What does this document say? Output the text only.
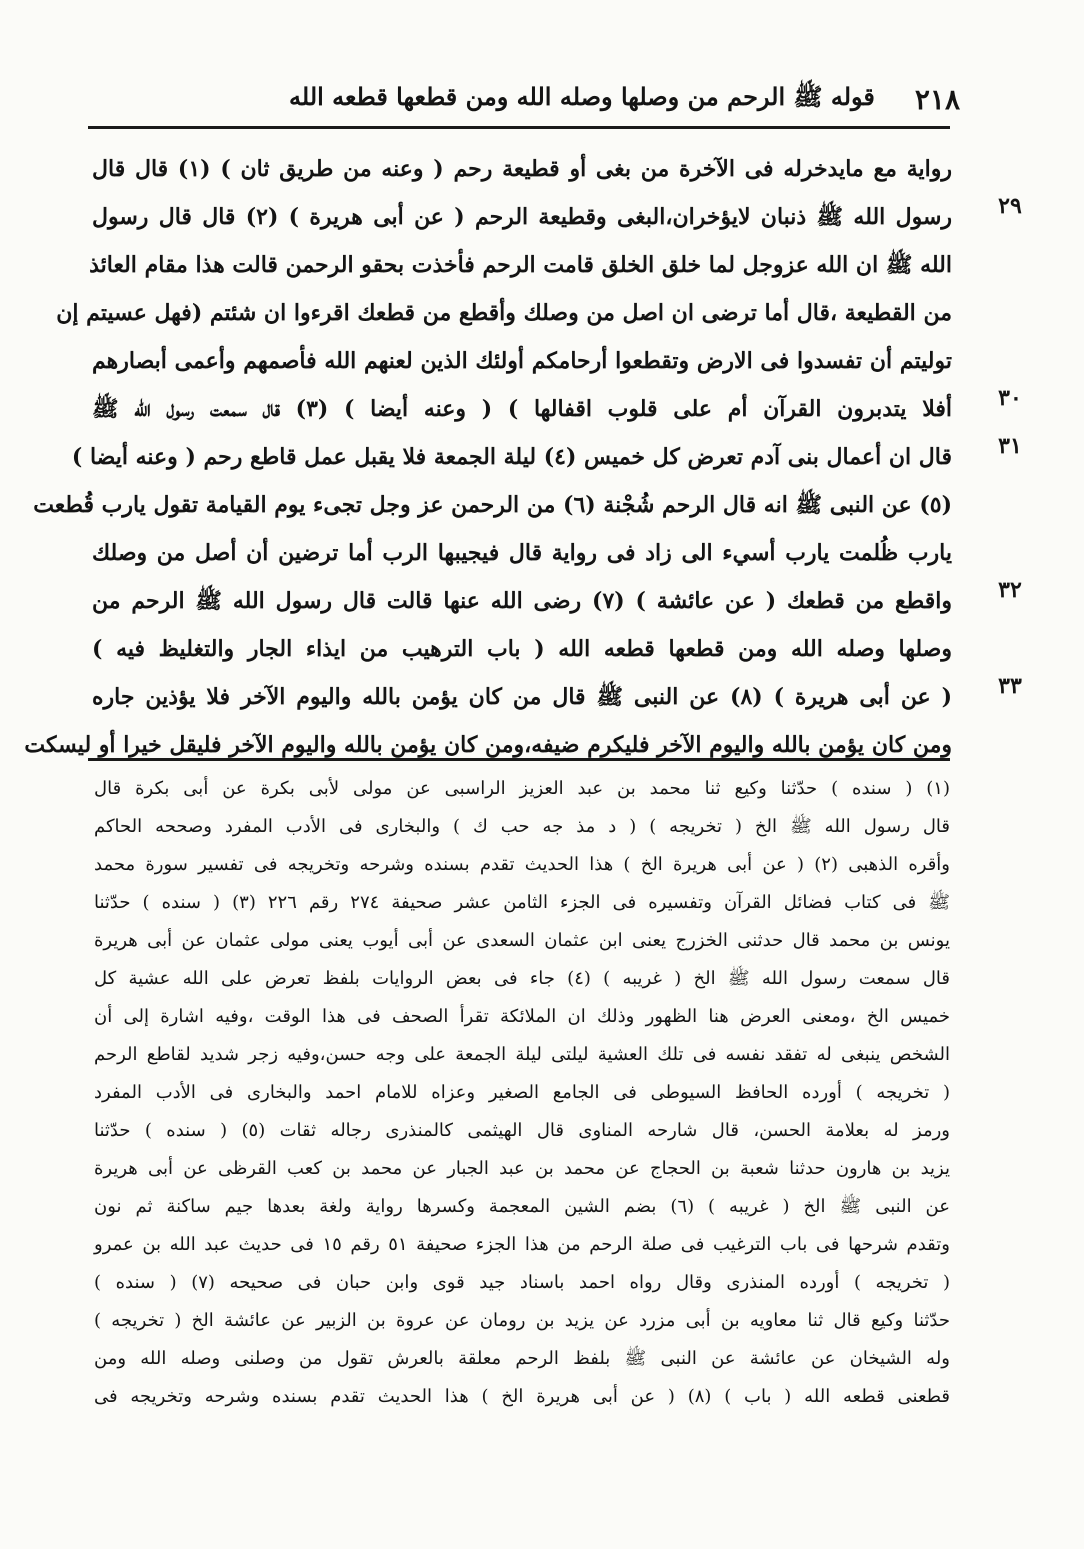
٢١٨
قوله ﷺ الرحم من وصلها وصله الله ومن قطعها قطعه الله
رواية مع مايدخرله فى الآخرة من بغى أو قطيعة رحم ( وعنه من طريق ثان ) (١) قال قال
٢٩
رسول الله ﷺ ذنبان لايؤخران،البغى وقطيعة الرحم ( عن أبى هريرة ) (٢) قال قال رسول
الله ﷺ ان الله عزوجل لما خلق الخلق قامت الرحم فأخذت بحقو الرحمن قالت هذا مقام العائذ
من القطيعة ،قال أما ترضى ان اصل من وصلك وأقطع من قطعك اقرءوا ان شئتم (فهل عسيتم إن
توليتم أن تفسدوا فى الارض وتقطعوا أرحامكم أولئك الذين لعنهم الله فأصمهم وأعمى أبصارهم
٣٠
أفلا يتدبرون القرآن أم على قلوب اقفالها ) ( وعنه أيضا ) (٣) قال سمعت رسول الله ﷺ
٣١
قال ان أعمال بنى آدم تعرض كل خميس (٤) ليلة الجمعة فلا يقبل عمل قاطع رحم ( وعنه أيضا )
(٥) عن النبى ﷺ انه قال الرحم شُجْنة (٦) من الرحمن عز وجل تجىء يوم القيامة تقول يارب قُطعت
يارب ظُلمت يارب أسيء الى زاد فى رواية قال فيجيبها الرب أما ترضين أن أصل من وصلك
٣٢
واقطع من قطعك ( عن عائشة ) (٧) رضى الله عنها قالت قال رسول الله ﷺ الرحم من
وصلها وصله الله ومن قطعها قطعه الله ( باب الترهيب من ايذاء الجار والتغليظ فيه )
٣٣
( عن أبى هريرة ) (٨) عن النبى ﷺ قال من كان يؤمن بالله واليوم الآخر فلا يؤذين جاره
ومن كان يؤمن بالله واليوم الآخر فليكرم ضيفه،ومن كان يؤمن بالله واليوم الآخر فليقل خيرا أو ليسكت
(١) ( سنده ) حدّثنا وكيع ثنا محمد بن عبد العزيز الراسبى عن مولى لأبى بكرة عن أبى بكرة قال
قال رسول الله ﷺ الخ ( تخريجه ) ( د مذ جه حب ك ) والبخارى فى الأدب المفرد وصححه الحاكم
وأقره الذهبى (٢) ( عن أبى هريرة الخ ) هذا الحديث تقدم بسنده وشرحه وتخريجه فى تفسير سورة محمد
ﷺ فى كتاب فضائل القرآن وتفسيره فى الجزء الثامن عشر صحيفة ٢٧٤ رقم ٢٢٦ (٣) ( سنده ) حدّثنا
يونس بن محمد قال حدثنى الخزرج يعنى ابن عثمان السعدى عن أبى أيوب يعنى مولى عثمان عن أبى هريرة
قال سمعت رسول الله ﷺ الخ ( غريبه ) (٤) جاء فى بعض الروايات بلفظ تعرض على الله عشية كل
خميس الخ ،ومعنى العرض هنا الظهور وذلك ان الملائكة تقرأ الصحف فى هذا الوقت ،وفيه اشارة إلى أن
الشخص ينبغى له تفقد نفسه فى تلك العشية ليلتى ليلة الجمعة على وجه حسن،وفيه زجر شديد لقاطع الرحم
( تخريجه ) أورده الحافظ السيوطى فى الجامع الصغير وعزاه للامام احمد والبخارى فى الأدب المفرد
ورمز له بعلامة الحسن، قال شارحه المناوى قال الهيثمى كالمنذرى رجاله ثقات (٥) ( سنده ) حدّثنا
يزيد بن هارون حدثنا شعبة بن الحجاج عن محمد بن عبد الجبار عن محمد بن كعب القرظى عن أبى هريرة
عن النبى ﷺ الخ ( غريبه ) (٦) بضم الشين المعجمة وكسرها رواية ولغة بعدها جيم ساكنة ثم نون
وتقدم شرحها فى باب الترغيب فى صلة الرحم من هذا الجزء صحيفة ٥١ رقم ١٥ فى حديث عبد الله بن عمرو
( تخريجه ) أورده المنذرى وقال رواه احمد باسناد جيد قوى وابن حبان فى صحيحه (٧) ( سنده )
حدّثنا وكيع قال ثنا معاويه بن أبى مزرد عن يزيد بن رومان عن عروة بن الزبير عن عائشة الخ ( تخريجه )
وله الشيخان عن عائشة عن النبى ﷺ بلفظ الرحم معلقة بالعرش تقول من وصلنى وصله الله ومن
قطعنى قطعه الله ( باب ) (٨) ( عن أبى هريرة الخ ) هذا الحديث تقدم بسنده وشرحه وتخريجه فى
